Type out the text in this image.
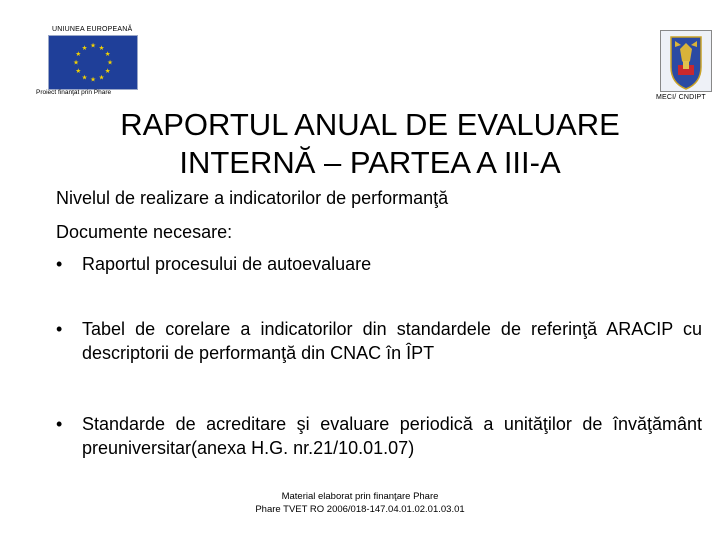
UNIUNEA EUROPEANĂ
★ ★
★
★
★
★
★
★
★
★
★
★
Proiect finanţat prin Phare
MECI/ CNDIPT
RAPORTUL ANUAL DE EVALUARE
INTERNĂ – PARTEA A III-A
Nivelul de realizare a indicatorilor de performanţă
Documente necesare:
•	Raportul procesului de autoevaluare
•	Tabel de corelare a indicatorilor din standardele de referinţă ARACIP cu descriptorii de performanţă din CNAC în ÎPT
•	Standarde de acreditare şi evaluare periodică a unităţilor de învăţământ preuniversitar(anexa H.G. nr.21/10.01.07)
Material elaborat prin finanţare Phare
Phare TVET RO 2006/018-147.04.01.02.01.03.01
